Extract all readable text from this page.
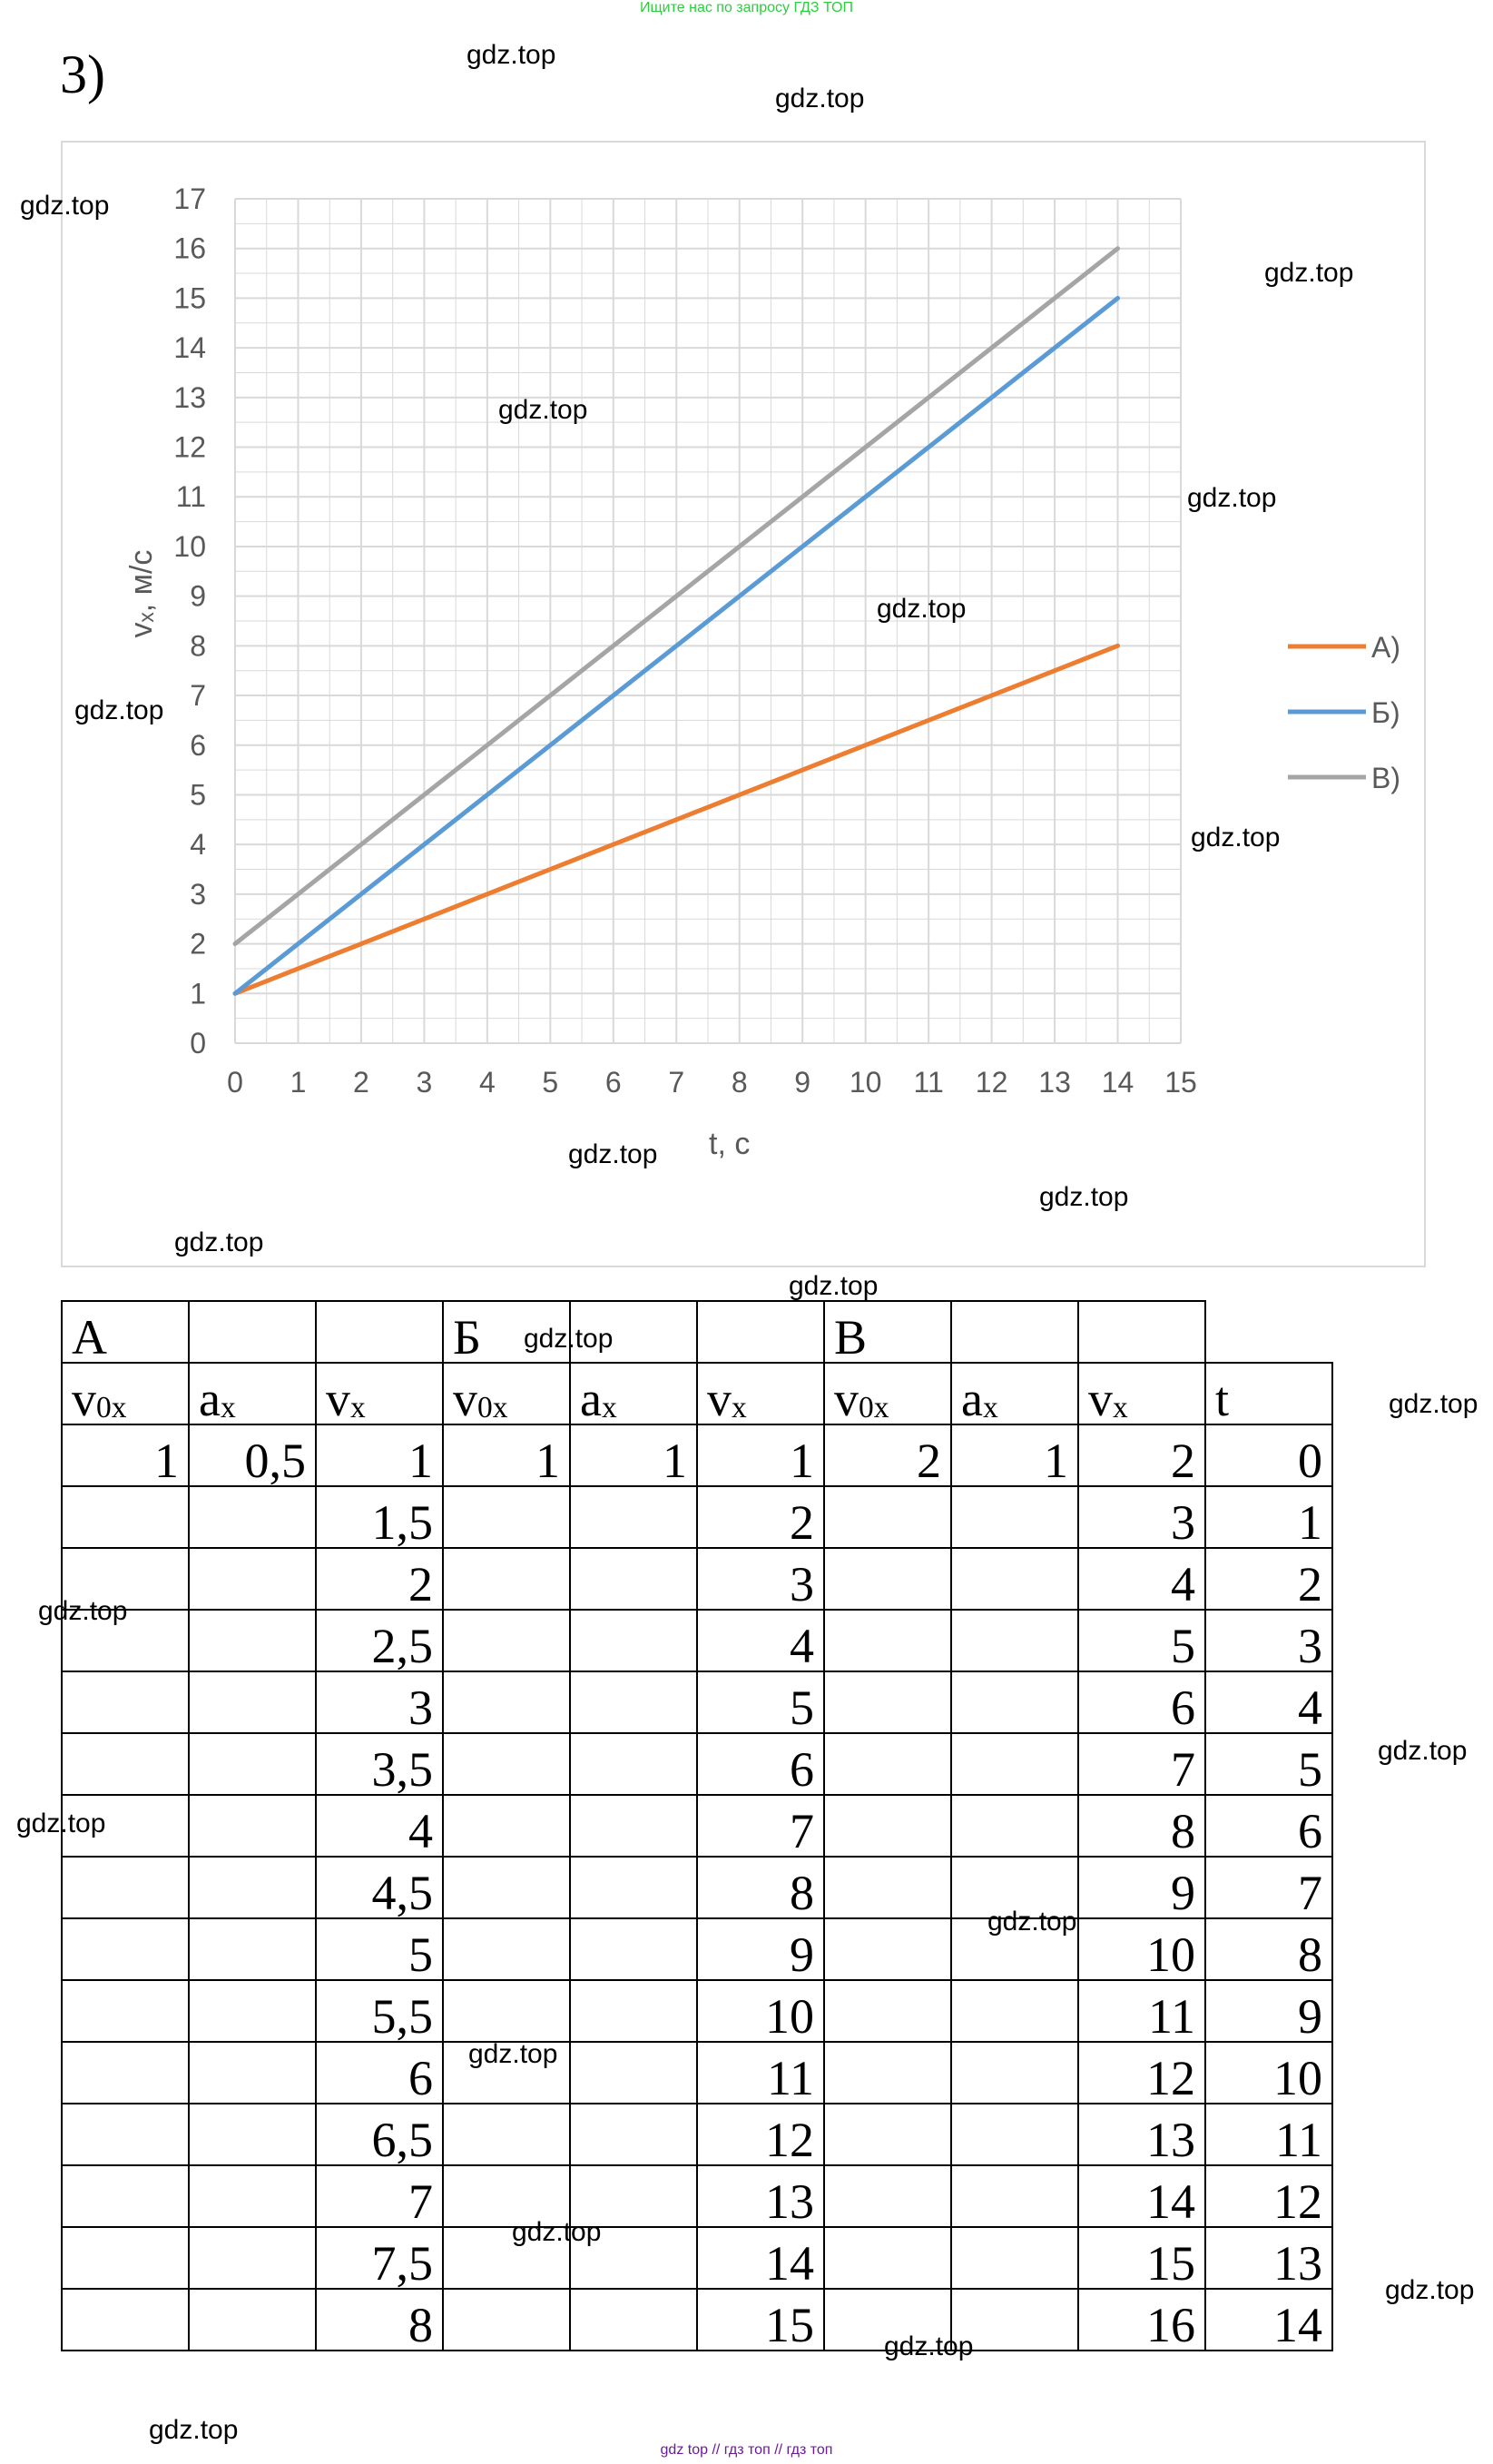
Ищите нас по запросу ГДЗ ТОП
3)
0 1 2 3 4 5 6 7 8 9 10 11 12 13 14 15
0
1
2
3
4
5
6
7
8
9
10
11
12
13
14
15
16
17
А)
Б)
В)
t, с
vₓ, м/с
gdz.top
gdz.top
gdz.top
gdz.top
gdz.top
gdz.top
gdz.top
gdz.top
gdz.top
gdz.top
gdz.top
gdz.top
gdz.top
А			Б			В			
$v_{0x}$	$a_x$	$v_x$	$v_{0x}$	$a_x$	$v_x$	$v_{0x}$	$a_x$	$v_x$	t
1	0,5	1	1	1	1	2	1	2	0
		1,5			2			3	1
		2			3			4	2
		2,5			4			5	3
		3			5			6	4
		3,5			6			7	5
		4			7			8	6
		4,5			8			9	7
		5			9			10	8
		5,5			10			11	9
		6			11			12	10
		6,5			12			13	11
		7			13			14	12
		7,5			14			15	13
		8			15			16	14
gdz.top
gdz.top
gdz.top
gdz.top
gdz.top
gdz.top
gdz.top
gdz.top
gdz.top
gdz.top
gdz.top
gdz top // гдз топ // гдз топ
